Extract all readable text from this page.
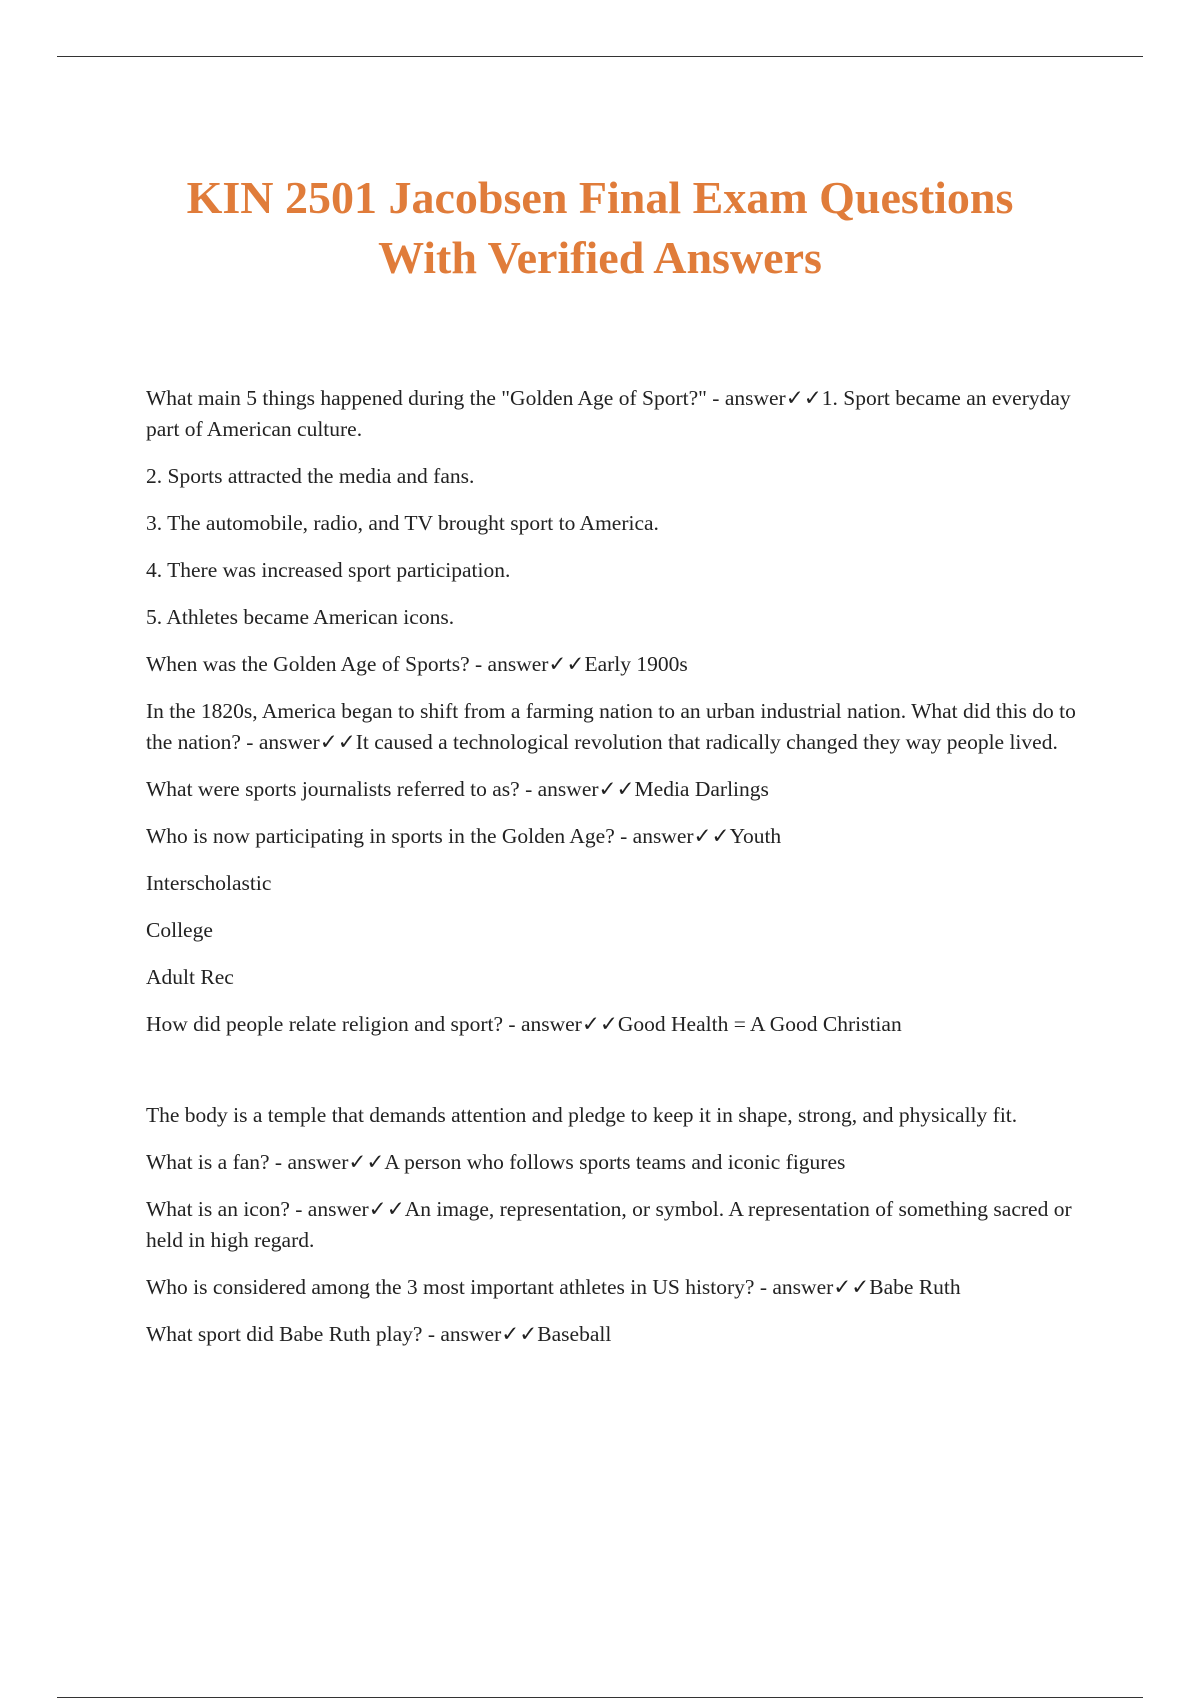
KIN 2501 Jacobsen Final Exam Questions
With Verified Answers

What main 5 things happened during the "Golden Age of Sport?" - answer✓✓1. Sport became an everyday part of American culture.

2. Sports attracted the media and fans.

3. The automobile, radio, and TV brought sport to America.

4. There was increased sport participation.

5. Athletes became American icons.

When was the Golden Age of Sports? - answer✓✓Early 1900s

In the 1820s, America began to shift from a farming nation to an urban industrial nation. What did this do to the nation? - answer✓✓It caused a technological revolution that radically changed they way people lived.

What were sports journalists referred to as? - answer✓✓Media Darlings

Who is now participating in sports in the Golden Age? - answer✓✓Youth

Interscholastic

College

Adult Rec

How did people relate religion and sport? - answer✓✓Good Health = A Good Christian

The body is a temple that demands attention and pledge to keep it in shape, strong, and physically fit.

What is a fan? - answer✓✓A person who follows sports teams and iconic figures

What is an icon? - answer✓✓An image, representation, or symbol. A representation of something sacred or held in high regard.

Who is considered among the 3 most important athletes in US history? - answer✓✓Babe Ruth

What sport did Babe Ruth play? - answer✓✓Baseball
